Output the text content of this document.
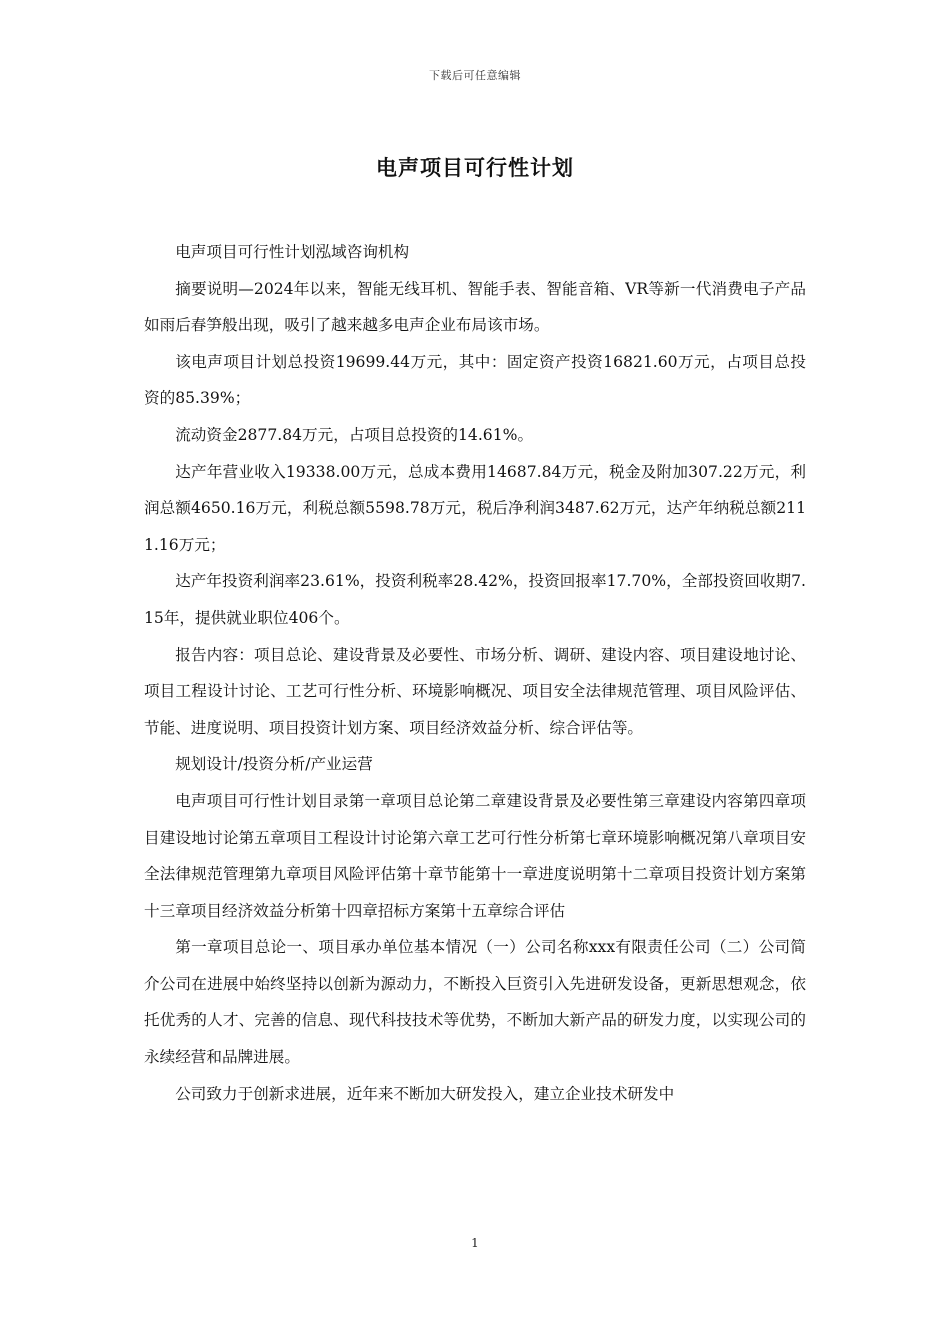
下载后可任意编辑
电声项目可行性计划

电声项目可行性计划泓域咨询机构

摘要说明—2024年以来，智能无线耳机、智能手表、智能音箱、VR等新一代消费电子产品如雨后春笋般出现，吸引了越来越多电声企业布局该市场。

该电声项目计划总投资19699.44万元，其中：固定资产投资16821.60万元，占项目总投资的85.39%；

流动资金2877.84万元，占项目总投资的14.61%。

达产年营业收入19338.00万元，总成本费用14687.84万元，税金及附加307.22万元，利润总额4650.16万元，利税总额5598.78万元，税后净利润3487.62万元，达产年纳税总额2111.16万元；

达产年投资利润率23.61%，投资利税率28.42%，投资回报率17.70%，全部投资回收期7.15年，提供就业职位406个。

报告内容：项目总论、建设背景及必要性、市场分析、调研、建设内容、项目建设地讨论、项目工程设计讨论、工艺可行性分析、环境影响概况、项目安全法律规范管理、项目风险评估、节能、进度说明、项目投资计划方案、项目经济效益分析、综合评估等。

规划设计/投资分析/产业运营

电声项目可行性计划目录第一章项目总论第二章建设背景及必要性第三章建设内容第四章项目建设地讨论第五章项目工程设计讨论第六章工艺可行性分析第七章环境影响概况第八章项目安全法律规范管理第九章项目风险评估第十章节能第十一章进度说明第十二章项目投资计划方案第十三章项目经济效益分析第十四章招标方案第十五章综合评估

第一章项目总论一、项目承办单位基本情况（一）公司名称xxx有限责任公司（二）公司简介公司在进展中始终坚持以创新为源动力，不断投入巨资引入先进研发设备，更新思想观念，依托优秀的人才、完善的信息、现代科技技术等优势，不断加大新产品的研发力度，以实现公司的永续经营和品牌进展。

公司致力于创新求进展，近年来不断加大研发投入，建立企业技术研发中

1
